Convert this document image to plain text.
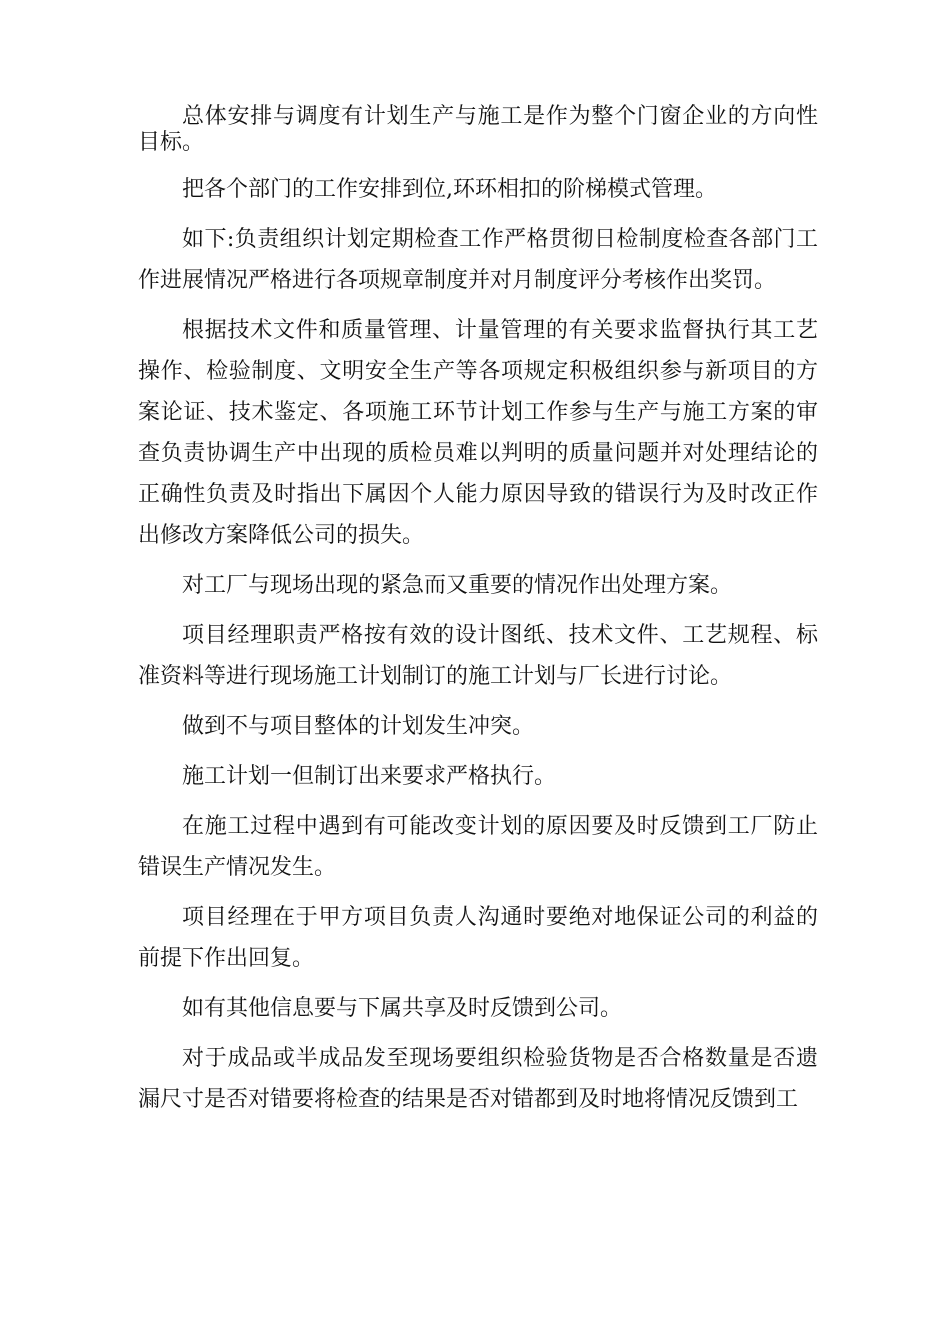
总体安排与调度有计划生产与施工是作为整个门窗企业的方向性目标。

把各个部门的工作安排到位,环环相扣的阶梯模式管理。

如下:负责组织计划定期检查工作严格贯彻日检制度检查各部门工作进展情况严格进行各项规章制度并对月制度评分考核作出奖罚。

根据技术文件和质量管理、计量管理的有关要求监督执行其工艺操作、检验制度、文明安全生产等各项规定积极组织参与新项目的方案论证、技术鉴定、各项施工环节计划工作参与生产与施工方案的审查负责协调生产中出现的质检员难以判明的质量问题并对处理结论的正确性负责及时指出下属因个人能力原因导致的错误行为及时改正作出修改方案降低公司的损失。

对工厂与现场出现的紧急而又重要的情况作出处理方案。

项目经理职责严格按有效的设计图纸、技术文件、工艺规程、标准资料等进行现场施工计划制订的施工计划与厂长进行讨论。

做到不与项目整体的计划发生冲突。

施工计划一但制订出来要求严格执行。

在施工过程中遇到有可能改变计划的原因要及时反馈到工厂防止错误生产情况发生。

项目经理在于甲方项目负责人沟通时要绝对地保证公司的利益的前提下作出回复。

如有其他信息要与下属共享及时反馈到公司。

对于成品或半成品发至现场要组织检验货物是否合格数量是否遗漏尺寸是否对错要将检查的结果是否对错都到及时地将情况反馈到工
